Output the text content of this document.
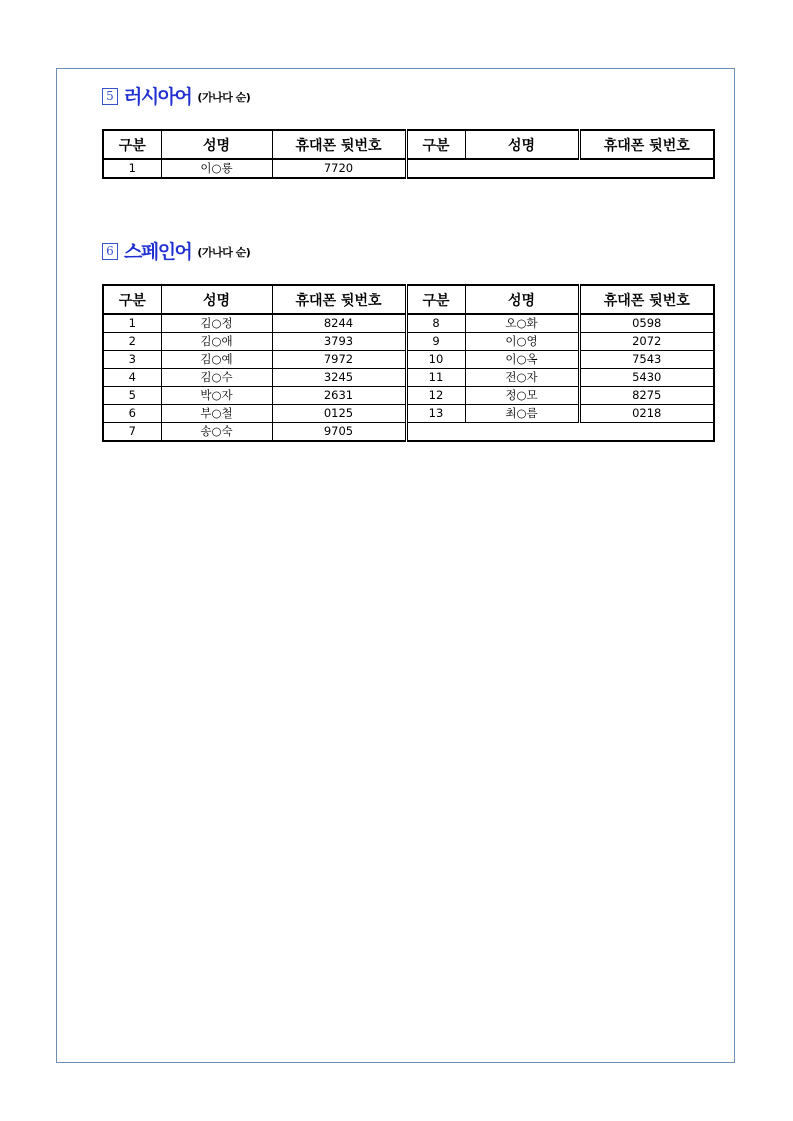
5 러시아어 (가나다 순)
구분	성명	휴대폰 뒷번호	구분	성명	휴대폰 뒷번호
1	이○룡	7720			
6 스페인어 (가나다 순)
구분	성명	휴대폰 뒷번호	구분	성명	휴대폰 뒷번호
1	김○정	8244	8	오○화	0598
2	김○애	3793	9	이○영	2072
3	김○예	7972	10	이○옥	7543
4	김○수	3245	11	전○자	5430
5	박○자	2631	12	정○모	8275
6	부○철	0125	13	최○름	0218
7	송○숙	9705			
